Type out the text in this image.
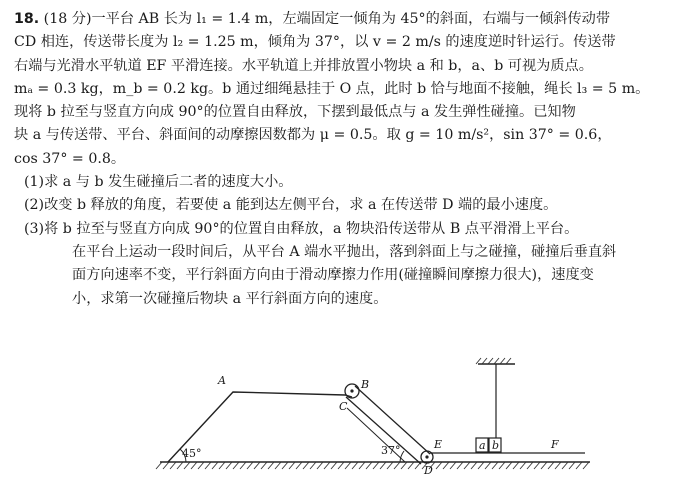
18. (18 分)一平台 AB 长为 l₁ = 1.4 m，左端固定一倾角为 45°的斜面，右端与一倾斜传动带
CD 相连，传送带长度为 l₂ = 1.25 m，倾角为 37°，以 v = 2 m/s 的速度逆时针运行。传送带
右端与光滑水平轨道 EF 平滑连接。水平轨道上并排放置小物块 a 和 b，a、b 可视为质点。
mₐ = 0.3 kg，m_b = 0.2 kg。b 通过细绳悬挂于 O 点，此时 b 恰与地面不接触，绳长 l₃ = 5 m。
现将 b 拉至与竖直方向成 90°的位置自由释放，下摆到最低点与 a 发生弹性碰撞。已知物
块 a 与传送带、平台、斜面间的动摩擦因数都为 μ = 0.5。取 g = 10 m/s²，sin 37° = 0.6，
cos 37° = 0.8。
(1)求 a 与 b 发生碰撞后二者的速度大小。
(2)改变 b 释放的角度，若要使 a 能到达左侧平台，求 a 在传送带 D 端的最小速度。
(3)将 b 拉至与竖直方向成 90°的位置自由释放，a 物块沿传送带从 B 点平滑滑上平台。
在平台上运动一段时间后，从平台 A 端水平抛出，落到斜面上与之碰撞，碰撞后垂直斜
面方向速率不变，平行斜面方向由于滑动摩擦力作用(碰撞瞬间摩擦力很大)，速度变
小，求第一次碰撞后物块 a 平行斜面方向的速度。
A	B
C
D
E	F
a b
45°	37°
